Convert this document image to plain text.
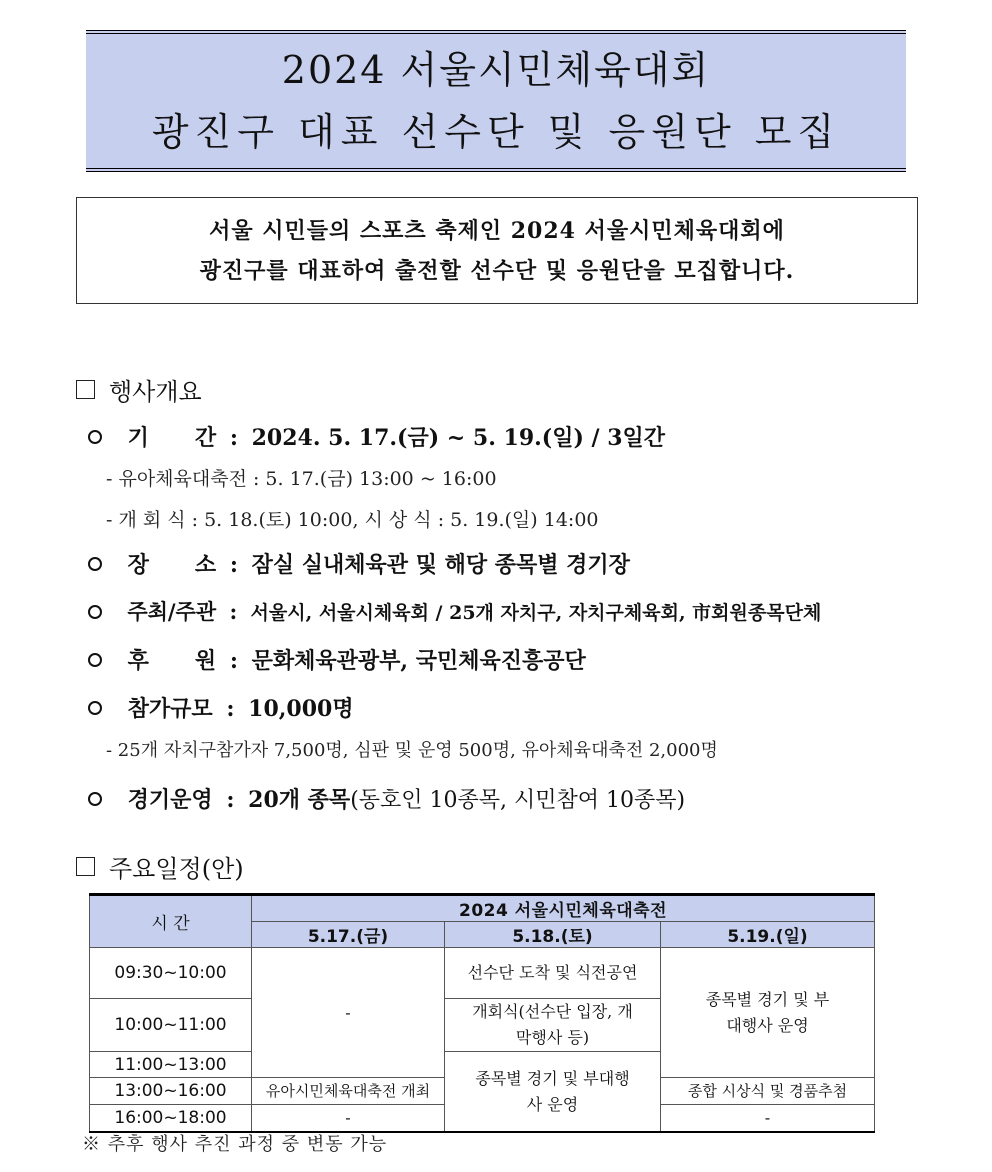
2024 서울시민체육대회
광진구 대표 선수단 및 응원단 모집
서울 시민들의 스포츠 축제인 2024 서울시민체육대회에
광진구를 대표하여 출전할 선수단 및 응원단을 모집합니다.
행사개요
기      간 : 2024. 5. 17.(금) ~ 5. 19.(일) / 3일간
- 유아체육대축전 : 5. 17.(금) 13:00 ~ 16:00
- 개 회 식 : 5. 18.(토) 10:00, 시 상 식 : 5. 19.(일) 14:00
장      소 : 잠실 실내체육관 및 해당 종목별 경기장
주최/주관 : 서울시, 서울시체육회 / 25개 자치구, 자치구체육회, 市회원종목단체
후      원 : 문화체육관광부, 국민체육진흥공단
참가규모 : 10,000명
- 25개 자치구참가자 7,500명, 심판 및 운영 500명, 유아체육대축전 2,000명
경기운영 : 20개 종목(동호인 10종목, 시민참여 10종목)
주요일정(안)
시 간	2024 서울시민체육대축전		
	5.17.(금)	5.18.(토)	5.19.(일)
09:30~10:00	-	선수단 도착 및 식전공연	종목별 경기 및 부대행사 운영
10:00~11:00		개회식(선수단 입장, 개막행사 등)	
11:00~13:00		종목별 경기 및 부대행사 운영	
13:00~16:00	유아시민체육대축전 개최		종합 시상식 및 경품추첨
16:00~18:00	-		-
※ 추후 행사 추진 과정 중 변동 가능
